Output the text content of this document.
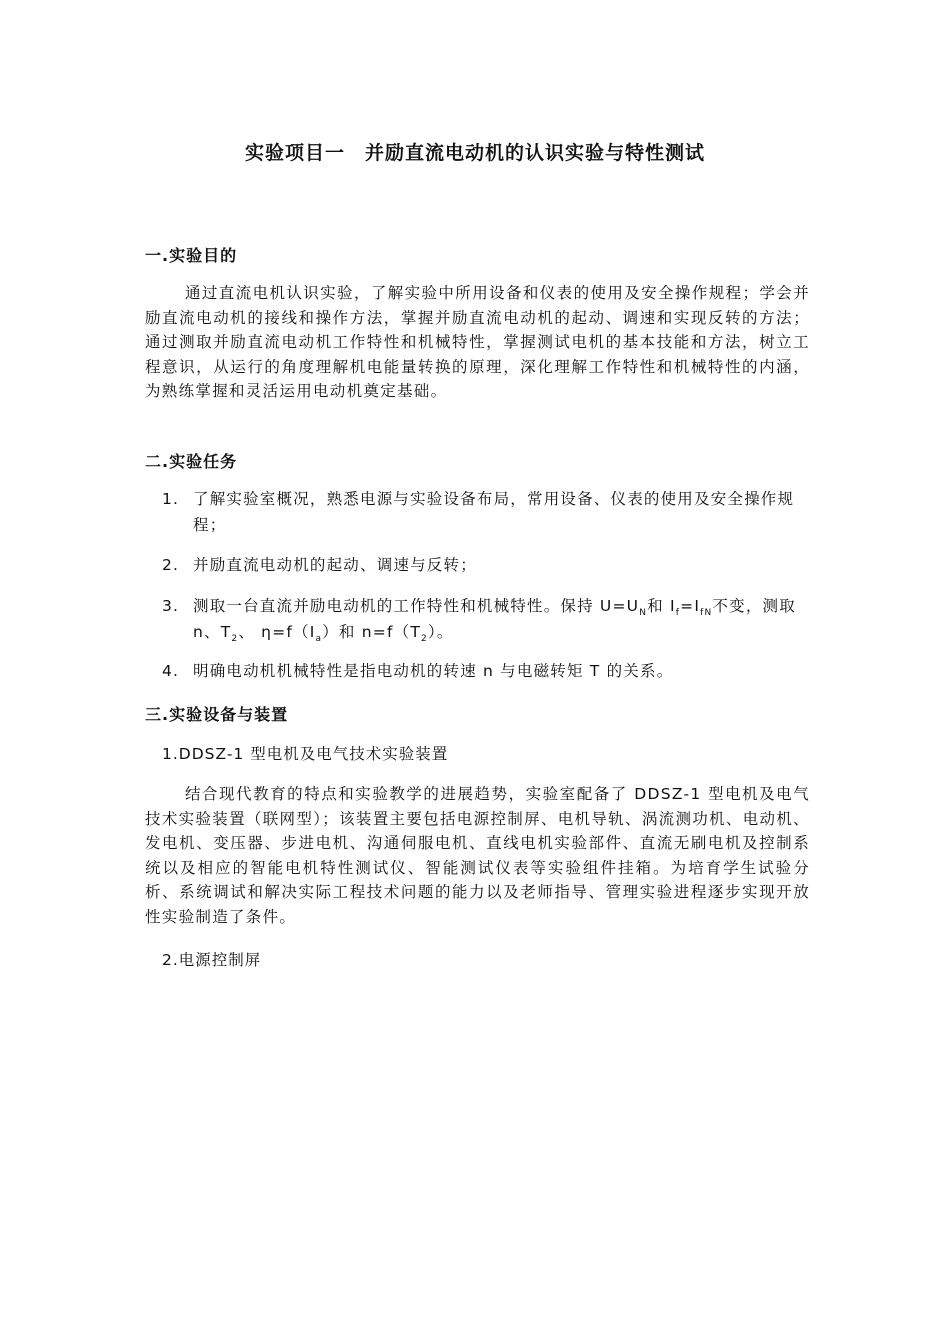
实验项目一　并励直流电动机的认识实验与特性测试
一.实验目的
通过直流电机认识实验，了解实验中所用设备和仪表的使用及安全操作规程；学会并励直流电动机的接线和操作方法，掌握并励直流电动机的起动、调速和实现反转的方法；通过测取并励直流电动机工作特性和机械特性，掌握测试电机的基本技能和方法，树立工程意识，从运行的角度理解机电能量转换的原理，深化理解工作特性和机械特性的内涵，为熟练掌握和灵活运用电动机奠定基础。
二.实验任务
1. 了解实验室概况，熟悉电源与实验设备布局，常用设备、仪表的使用及安全操作规程；
2. 并励直流电动机的起动、调速与反转；
3. 测取一台直流并励电动机的工作特性和机械特性。保持 $U=U_N$和 $I_f=I_{fN}$不变，测取 n、$T_2$、 $\eta=f(I_a)$和 $n=f(T_2)$。
4. 明确电动机机械特性是指电动机的转速 n 与电磁转矩 T 的关系。
三.实验设备与装置
1.DDSZ-1 型电机及电气技术实验装置
结合现代教育的特点和实验教学的进展趋势，实验室配备了 DDSZ-1 型电机及电气技术实验装置（联网型）；该装置主要包括电源控制屏、电机导轨、涡流测功机、电动机、发电机、变压器、步进电机、沟通伺服电机、直线电机实验部件、直流无刷电机及控制系统以及相应的智能电机特性测试仪、智能测试仪表等实验组件挂箱。为培育学生试验分析、系统调试和解决实际工程技术问题的能力以及老师指导、管理实验进程逐步实现开放性实验制造了条件。
2.电源控制屏
